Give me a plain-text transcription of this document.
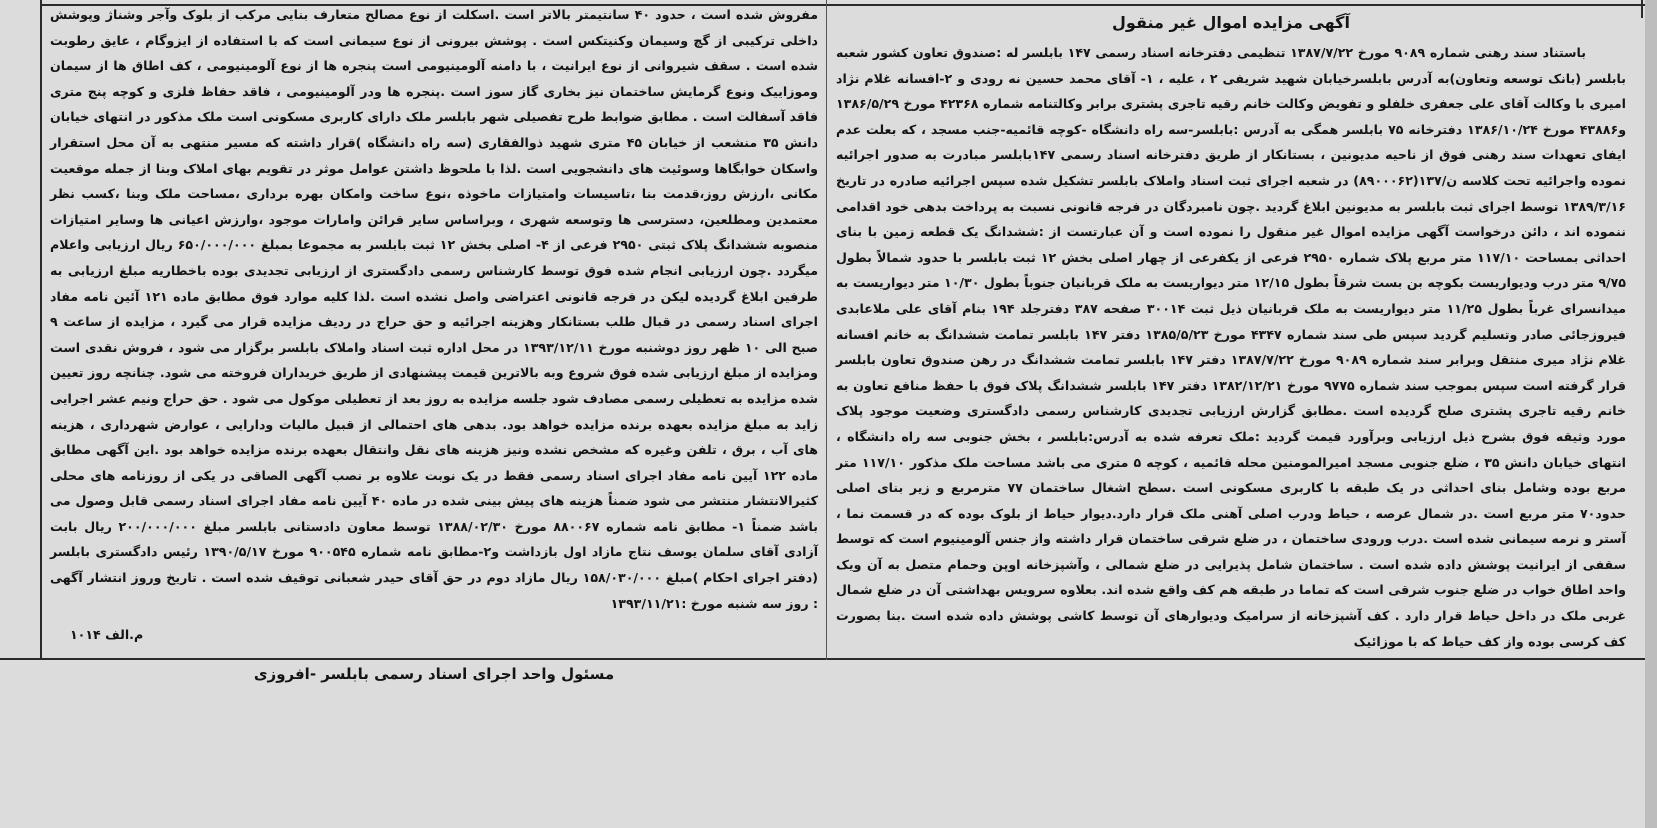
آگهی مزایده اموال غیر منقول

باستناد سند رهنی شماره ۹۰۸۹ مورخ ۱۳۸۷/۷/۲۲ تنظیمی دفترخانه اسناد رسمی ۱۴۷ بابلسر له :صندوق تعاون کشور شعبه بابلسر (بانک توسعه وتعاون)به آدرس بابلسرخیابان شهید شریفی ۲ ، علیه ، ۱- آقای محمد حسین نه رودی و ۲-افسانه غلام نژاد امیری با وکالت آقای علی جعفری خلفلو و تفویض وکالت خانم رقیه تاجری پشتری برابر وکالتنامه شماره ۴۲۳۶۸ مورخ ۱۳۸۶/۵/۲۹ و۴۳۸۸۶ مورخ ۱۳۸۶/۱۰/۲۴ دفترخانه ۷۵ بابلسر همگی به آدرس :بابلسر-سه راه دانشگاه -کوچه قائمیه-جنب مسجد ، که بعلت عدم ایفای تعهدات سند رهنی فوق از ناحیه مدیونین ، بستانکار از طریق دفترخانه اسناد رسمی ۱۴۷بابلسر مبادرت به صدور اجرائیه نموده واجرائیه تحت کلاسه ن/۱۳۷(۸۹۰۰۰۶۲) در شعبه اجرای ثبت اسناد واملاک بابلسر تشکیل شده سپس اجرائیه صادره در تاریخ ۱۳۸۹/۳/۱۶ توسط اجرای ثبت بابلسر به مدیونین ابلاغ گردید .چون نامبردگان در فرجه قانونی نسبت به پرداخت بدهی خود اقدامی ننموده اند ، دائن درخواست آگهی مزایده اموال غیر منقول را نموده است و آن عبارتست از :ششدانگ یک قطعه زمین با بنای احداثی بمساحت ۱۱۷/۱۰ متر مربع پلاک شماره ۲۹۵۰ فرعی از یکفرعی از چهار اصلی بخش ۱۲ ثبت بابلسر با حدود شمالاً بطول ۹/۷۵ متر درب ودیواریست بکوچه بن بست شرقاً بطول ۱۲/۱۵ متر دیواریست به ملک قربانیان جنوباً بطول ۱۰/۳۰ متر دیواریست به میدانسرای غرباً بطول ۱۱/۲۵ متر دیواریست به ملک قربانیان ذیل ثبت ۳۰۰۱۴ صفحه ۳۸۷ دفترجلد ۱۹۴ بنام آقای علی ملاعابدی فیروزجائی صادر وتسلیم گردید سپس طی سند شماره ۴۳۴۷ مورخ ۱۳۸۵/۵/۲۳ دفتر ۱۴۷ بابلسر تمامت ششدانگ به خانم افسانه غلام نژاد میری منتقل وبرابر سند شماره ۹۰۸۹ مورخ ۱۳۸۷/۷/۲۲ دفتر ۱۴۷ بابلسر تمامت ششدانگ در رهن صندوق تعاون بابلسر قرار گرفته است سپس بموجب سند شماره ۹۷۷۵ مورخ ۱۳۸۲/۱۲/۲۱ دفتر ۱۴۷ بابلسر ششدانگ پلاک فوق با حفظ منافع تعاون به خانم رقیه تاجری پشتری صلح گردیده است .مطابق گزارش ارزیابی تجدیدی کارشناس رسمی دادگستری وضعیت موجود پلاک مورد وثیقه فوق بشرح ذیل ارزیابی وبرآورد قیمت گردید :ملک تعرفه شده به آدرس:بابلسر ، بخش جنوبی سه راه دانشگاه ، انتهای خیابان دانش ۳۵ ، ضلع جنوبی مسجد امیرالمومنین محله قائمیه ، کوچه ۵ متری می باشد مساحت ملک مذکور ۱۱۷/۱۰ متر مربع بوده وشامل بنای احداثی در یک طبقه با کاربری مسکونی است .سطح اشغال ساختمان ۷۷ مترمربع و زیر بنای اصلی حدود۷۰ متر مربع است .در شمال عرصه ، حیاط ودرب اصلی آهنی ملک قرار دارد.دیوار حیاط از بلوک بوده که در قسمت نما ، آستر و نرمه سیمانی شده است .درب ورودی ساختمان ، در ضلع شرقی ساختمان قرار داشته واز جنس آلومینیوم است که توسط سقفی از ایرانیت پوشش داده شده است . ساختمان شامل پذیرایی در ضلع شمالی ، وآشپزخانه اوپن وحمام متصل به آن ویک واحد اطاق خواب در ضلع جنوب شرقی است که تماما در طبقه هم کف واقع شده اند. بعلاوه سرویس بهداشتی آن در ضلع شمال غربی ملک در داخل حیاط قرار دارد . کف آشپزخانه از سرامیک ودیوارهای آن توسط کاشی پوشش داده شده است .بنا بصورت کف کرسی بوده واز کف حیاط که با موزائیک

مفروش شده است ، حدود ۴۰ سانتیمتر بالاتر است .اسکلت از نوع مصالح متعارف بنایی مرکب از بلوک وآجر وشناژ وپوشش داخلی ترکیبی از گچ وسیمان وکنیتکس است . پوشش بیرونی از نوع سیمانی است که با استفاده از ایزوگام ، عایق رطوبت شده است . سقف شیروانی از نوع ایرانیت ، با دامنه آلومینیومی است پنجره ها از نوع آلومینیومی ، کف اطاق ها از سیمان وموزاییک ونوع گرمایش ساختمان نیز بخاری گاز سوز است .پنجره ها ودر آلومینیومی ، فاقد حفاظ فلزی و کوچه پنج متری فاقد آسفالت است . مطابق ضوابط طرح تفصیلی شهر بابلسر ملک دارای کاربری مسکونی است ملک مذکور در انتهای خیابان دانش ۳۵ منشعب از خیابان ۴۵ متری شهید ذوالفقاری (سه راه دانشگاه )قرار داشته که مسیر منتهی به آن محل استقرار واسکان خوابگاها وسوئیت های دانشجویی است .لذا با ملحوظ داشتن عوامل موثر در تقویم بهای املاک وبنا از جمله موقعیت مکانی ،ارزش روز،قدمت بنا ،تاسیسات وامتیازات ماخوذه ،نوع ساخت وامکان بهره برداری ،مساحت ملک وبنا ،کسب نظر معتمدین ومطلعین، دسترسی ها وتوسعه شهری ، وبراساس سایر قرائن وامارات موجود ،وارزش اعیانی ها وسایر امتیازات منصوبه ششدانگ پلاک ثبتی ۲۹۵۰ فرعی از ۴- اصلی بخش ۱۲ ثبت بابلسر به مجموعا بمبلغ ۶۵۰/۰۰۰/۰۰۰ ریال ارزیابی واعلام میگردد .چون ارزیابی انجام شده فوق توسط کارشناس رسمی دادگستری از ارزیابی تجدیدی بوده باخطاریه مبلغ ارزیابی به طرفین ابلاغ گردیده لیکن در فرجه قانونی اعتراضی واصل نشده است .لذا کلیه موارد فوق مطابق ماده ۱۲۱ آئین نامه مفاد اجرای اسناد رسمی در قبال طلب بستانکار وهزینه اجرائیه و حق حراج در ردیف مزایده قرار می گیرد ، مزایده از ساعت ۹ صبح الی ۱۰ ظهر روز دوشنبه مورخ ۱۳۹۳/۱۲/۱۱ در محل اداره ثبت اسناد واملاک بابلسر برگزار می شود ، فروش نقدی است ومزایده از مبلغ ارزیابی شده فوق شروع وبه بالاترین قیمت پیشنهادی از طریق خریداران فروخته می شود. چنانچه روز تعیین شده مزایده به تعطیلی رسمی مصادف شود جلسه مزایده به روز بعد از تعطیلی موکول می شود . حق حراج ونیم عشر اجرایی زاید به مبلغ مزایده بعهده برنده مزایده خواهد بود. بدهی های احتمالی از قبیل مالیات ودارایی ، عوارض شهرداری ، هزینه های آب ، برق ، تلفن وغیره که مشخص نشده ونیز هزینه های نقل وانتقال بعهده برنده مزایده خواهد بود .این آگهی مطابق ماده ۱۲۲ آیین نامه مفاد اجرای اسناد رسمی فقط در یک نوبت علاوه بر نصب آگهی الصاقی در یکی از روزنامه های محلی کثیرالانتشار منتشر می شود ضمناً هزینه های پیش بینی شده در ماده ۴۰ آیین نامه مفاد اجرای اسناد رسمی قابل وصول می باشد ضمناً ۱- مطابق نامه شماره ۸۸۰۰۶۷ مورخ ۱۳۸۸/۰۲/۳۰ توسط معاون دادستانی بابلسر مبلغ ۲۰۰/۰۰۰/۰۰۰ ریال بابت آزادی آقای سلمان یوسف نتاج مازاد اول بازداشت و۲-مطابق نامه شماره ۹۰۰۵۴۵ مورخ ۱۳۹۰/۵/۱۷ رئیس دادگستری بابلسر (دفتر اجرای احکام )مبلغ ۱۵۸/۰۳۰/۰۰۰ ریال مازاد دوم در حق آقای حیدر شعبانی توقیف شده است . تاریخ وروز انتشار آگهی : روز سه شنبه مورخ :۱۳۹۳/۱۱/۲۱

م.الف ۱۰۱۴
مسئول واحد اجرای اسناد رسمی بابلسر -افروزی
